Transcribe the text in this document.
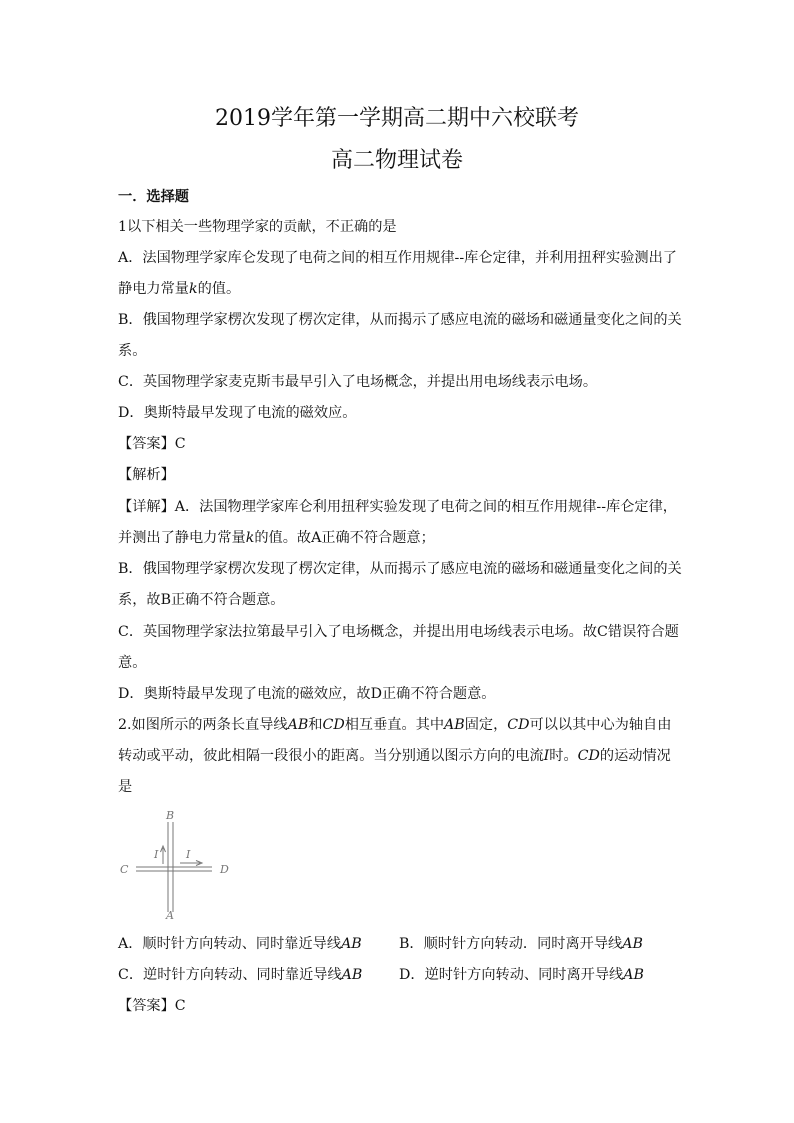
2019学年第一学期高二期中六校联考
高二物理试卷
一．选择题
1以下相关一些物理学家的贡献，不正确的是
A．法国物理学家库仑发现了电荷之间的相互作用规律--库仑定律，并利用扭秤实验测出了
静电力常量k的值。
B．俄国物理学家楞次发现了楞次定律，从而揭示了感应电流的磁场和磁通量变化之间的关
系。
C．英国物理学家麦克斯韦最早引入了电场概念，并提出用电场线表示电场。
D．奥斯特最早发现了电流的磁效应。
【答案】C
【解析】
【详解】A．法国物理学家库仑利用扭秤实验发现了电荷之间的相互作用规律--库仑定律，
并测出了静电力常量k的值。故A正确不符合题意；
B．俄国物理学家楞次发现了楞次定律，从而揭示了感应电流的磁场和磁通量变化之间的关
系，故B正确不符合题意。
C．英国物理学家法拉第最早引入了电场概念，并提出用电场线表示电场。故C错误符合题
意。
D．奥斯特最早发现了电流的磁效应，故D正确不符合题意。
2.如图所示的两条长直导线AB和CD相互垂直。其中AB固定，CD可以以其中心为轴自由
转动或平动，彼此相隔一段很小的距离。当分别通以图示方向的电流I时。CD的运动情况
是
B
A
C	D
I	I
A．顺时针方向转动、同时靠近导线AB	B．顺时针方向转动．同时离开导线AB
C．逆时针方向转动、同时靠近导线AB	D．逆时针方向转动、同时离开导线AB
【答案】C
